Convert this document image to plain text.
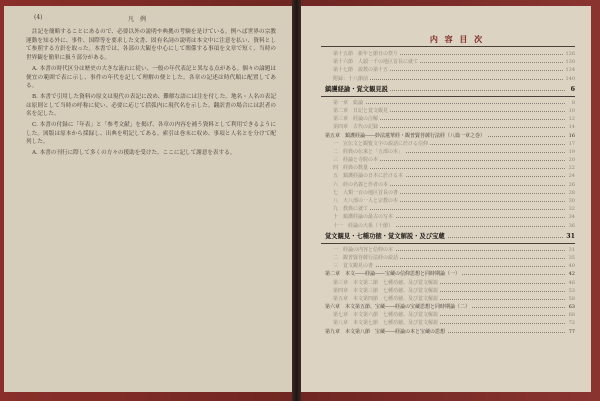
(4)	凡　例

註記を簡略することにあるので、必要以外の説明や典拠の考験を是けている。例へば世界の宗教運動を知る外に、事件、国際等を要求した文書、固有名詞の説明は本文中に注意を払い、資料として参照する方針を取った。本書では、各部の大観を中心にして関係する事項を文章で短く、当時の世界観を簡単に扱う部分がある。

A. 本書の時代区分は歴史の大きな流れに従い、一般の年代表記と異なる点がある。個々の論題は便宜の範囲で表に示し、事件の年代を記して理解の便とした。各章の記述は時代順に配置してある。

B. 本書で引用した資料の原文は現代の表記に改め、難解な語には注を付した。地名・人名の表記は原則として当時の呼称に従い、必要に応じて括弧内に現代名を示した。翻訳書の場合には訳者の名を記した。

C. 本書の付録に「年表」と「参考文献」を掲げ、各章の内容を補う資料として利用できるようにした。図版は原本から採録し、出典を明記してある。索引は巻末に収め、事項と人名とを分けて配列した。

A. 本書の刊行に際して多くの方々の援助を受けた。ここに記して謝意を表する。

内 容 目 次
第十五節　新年と節日の祭り	126
第十六節　人頭一千の地区首長に就て	130
第十七節　説教の第十五	134
附録：十八節前	140
鎮護経論・覚文観見説	6
第一章　総論	8
第二章　日記と覚文観見	10
第三章　経論の注解	12
第四章　古代の記録	14
第五章　鎮護経論――妙法蓮華経・観普賢菩薩行法経（八篇一章之巻）	16
一　宣伝文と観覧文字の説話に於ける信仰	17
二　経典の伝来と「五部の本」	19
三　経論と寺院の本	20
四　経典の数量	22
五　鎮護経論の日本に於ける本	24
六　経の名義と作者の本	26
七　人類一百の地区首長の書	28
八　大八部の一人と宗教の本	30
九　教典に就て	32
十　鎮護経論の最古の写本	34
十一　経論の大系（十節）	36
覚文観見・七種功徳・覚文解説・及び宝蔵	31
一　経論の内容と信仰の本	31
二　観普賢菩薩行法経の説話	35
三　覚文観見の書	40
第二章　本文――経論――宝蔵の信仰思想と同時期論（一）	42
第三章　本文第二節　七種功徳、及び覚文解説	46
第四章　本文第三節　七種功徳、及び覚文解説	53
第五章　本文第四節　七種功徳、及び覚文解説	58
第六章　本文第五節、宝蔵――経論の宝蔵思想と同時期論（二）	63
第七章　本文第六節　七種功徳、及び覚文解説	68
第八章　本文第七節　七種功徳、及び覚文解説	72
第九章　本文第八節　宝蔵――経論の本と宝蔵の思想	77
